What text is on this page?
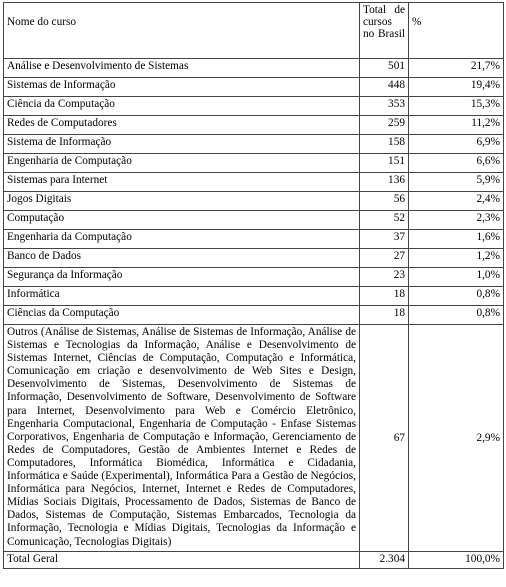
Nome do curso	Total de cursos no Brasil	%
Análise e Desenvolvimento de Sistemas	501	21,7%
Sistemas de Informação	448	19,4%
Ciência da Computação	353	15,3%
Redes de Computadores	259	11,2%
Sistema de Informação	158	6,9%
Engenharia de Computação	151	6,6%
Sistemas para Internet	136	5,9%
Jogos Digitais	56	2,4%
Computação	52	2,3%
Engenharia da Computação	37	1,6%
Banco de Dados	27	1,2%
Segurança da Informação	23	1,0%
Informática	18	0,8%
Ciências da Computação	18	0,8%
Outros (Análise de Sistemas, Análise de Sistemas de Informação, Análise de Sistemas e Tecnologias da Informação, Análise e Desenvolvimento de Sistemas Internet, Ciências de Computação, Computação e Informática, Comunicação em criação e desenvolvimento de Web Sites e Design, Desenvolvimento de Sistemas, Desenvolvimento de Sistemas de Informação, Desenvolvimento de Software, Desenvolvimento de Software para Internet, Desenvolvimento para Web e Comércio Eletrônico, Engenharia Computacional, Engenharia de Computação - Enfase Sistemas Corporativos, Engenharia de Computação e Informação, Gerenciamento de Redes de Computadores, Gestão de Ambientes Internet e Redes de Computadores, Informática Biomédica, Informática e Cidadania, Informática e Saúde (Experimental), Informática Para a Gestão de Negócios, Informática para Negócios, Internet, Internet e Redes de Computadores, Mídias Sociais Digitais, Processamento de Dados, Sistemas de Banco de Dados, Sistemas de Computação, Sistemas Embarcados, Tecnologia da Informação, Tecnologia e Mídias Digitais, Tecnologias da Informação e Comunicação, Tecnologias Digitais)	67	2,9%
Total Geral	2.304	100,0%
